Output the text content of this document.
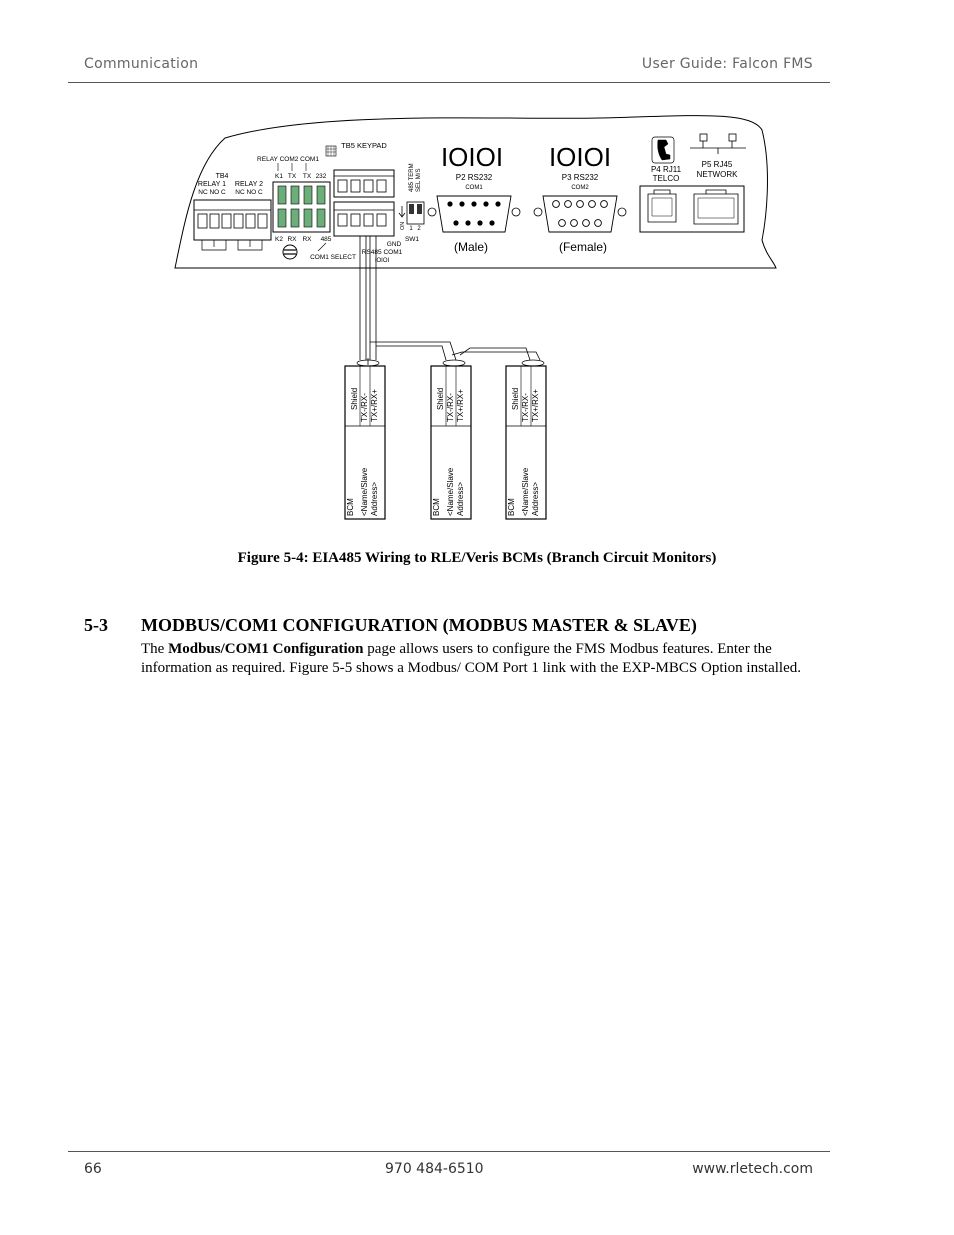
Communication	User Guide: Falcon FMS
TB4
RELAY 1 RELAY 2
NC NO C NC NO C
RELAY COM2 COM1
K1 TX TX 232
K2 RX RX 485
COM1 SELECT
TB5 KEYPAD
GND
RS485 COM1
IOIOI
485 TERM SEL M/S
ON 1 2
SW1
IOIOI
P2 RS232
COM1
(Male)
IOIOI
P3 RS232
COM2
(Female)
P4 RJ11
TELCO
P5 RJ45
NETWORK
Shield TX-/RX- TX+/RX+
BCM <Name/Slave Address>
Shield TX-/RX- TX+/RX+
BCM <Name/Slave Address>
Shield TX-/RX- TX+/RX+
BCM <Name/Slave Address>
Figure 5-4: EIA485 Wiring to RLE/Veris BCMs (Branch Circuit Monitors)
5-3 MODBUS/COM1 CONFIGURATION (MODBUS MASTER & SLAVE)
The Modbus/COM1 Configuration page allows users to configure the FMS Modbus features. Enter the information as required. Figure 5-5 shows a Modbus/ COM Port 1 link with the EXP-MBCS Option installed.
66	970 484-6510	www.rletech.com
